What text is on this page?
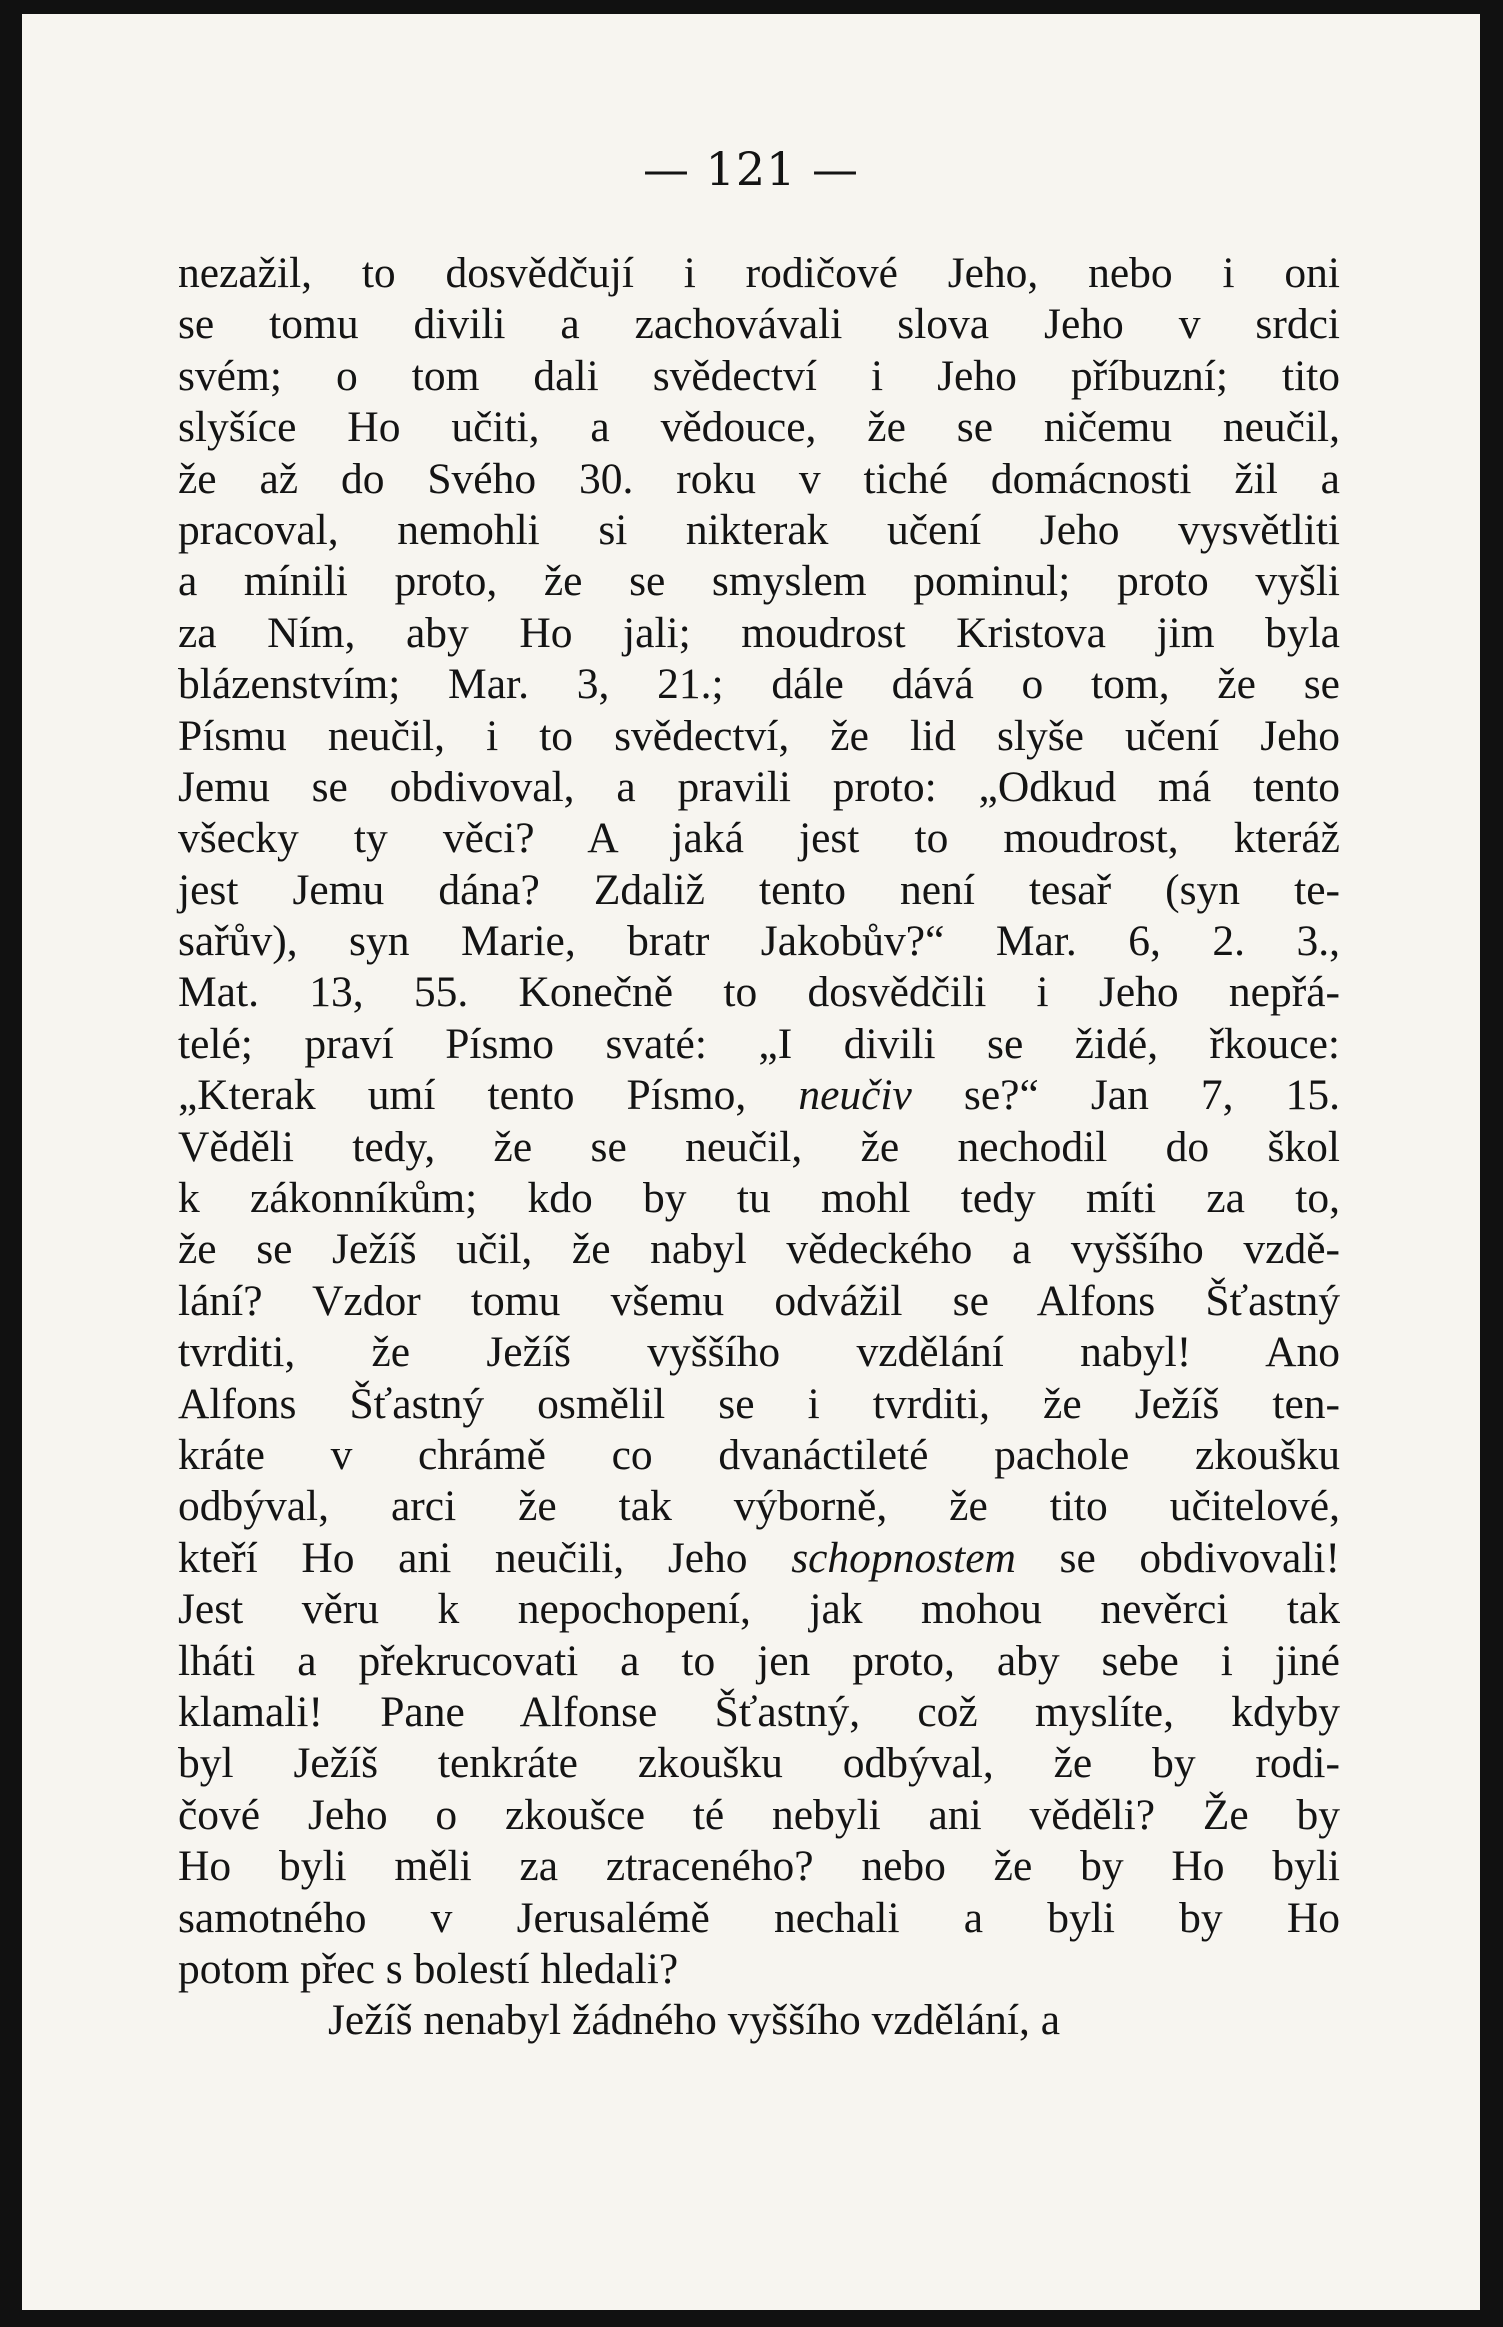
— 121 —
nezažil, to dosvědčují i rodičové Jeho, nebo i oni
se tomu divili a zachovávali slova Jeho v srdci
svém; o tom dali svědectví i Jeho příbuzní; tito
slyšíce Ho učiti, a vědouce, že se ničemu neučil,
že až do Svého 30. roku v tiché domácnosti žil a
pracoval, nemohli si nikterak učení Jeho vysvětliti
a mínili proto, že se smyslem pominul; proto vyšli
za Ním, aby Ho jali; moudrost Kristova jim byla
blázenstvím; Mar. 3, 21.; dále dává o tom, že se
Písmu neučil, i to svědectví, že lid slyše učení Jeho
Jemu se obdivoval, a pravili proto: „Odkud má tento
všecky ty věci? A jaká jest to moudrost, kteráž
jest Jemu dána? Zdaliž tento není tesař (syn te-
sařův), syn Marie, bratr Jakobův?“ Mar. 6, 2. 3.,
Mat. 13, 55. Konečně to dosvědčili i Jeho nepřá-
telé; praví Písmo svaté: „I divili se židé, řkouce:
„Kterak umí tento Písmo, neučiv se?“ Jan 7, 15.
Věděli tedy, že se neučil, že nechodil do škol
k zákonníkům; kdo by tu mohl tedy míti za to,
že se Ježíš učil, že nabyl vědeckého a vyššího vzdě-
lání? Vzdor tomu všemu odvážil se Alfons Šťastný
tvrditi, že Ježíš vyššího vzdělání nabyl! Ano
Alfons Šťastný osmělil se i tvrditi, že Ježíš ten-
kráte v chrámě co dvanáctileté pachole zkoušku
odbýval, arci že tak výborně, že tito učitelové,
kteří Ho ani neučili, Jeho schopnostem se obdivovali!
Jest věru k nepochopení, jak mohou nevěrci tak
lháti a překrucovati a to jen proto, aby sebe i jiné
klamali! Pane Alfonse Šťastný, což myslíte, kdyby
byl Ježíš tenkráte zkoušku odbýval, že by rodi-
čové Jeho o zkoušce té nebyli ani věděli? Že by
Ho byli měli za ztraceného? nebo že by Ho byli
samotného v Jerusalémě nechali a byli by Ho
potom přec s bolestí hledali?
Ježíš nenabyl žádného vyššího vzdělání, a
